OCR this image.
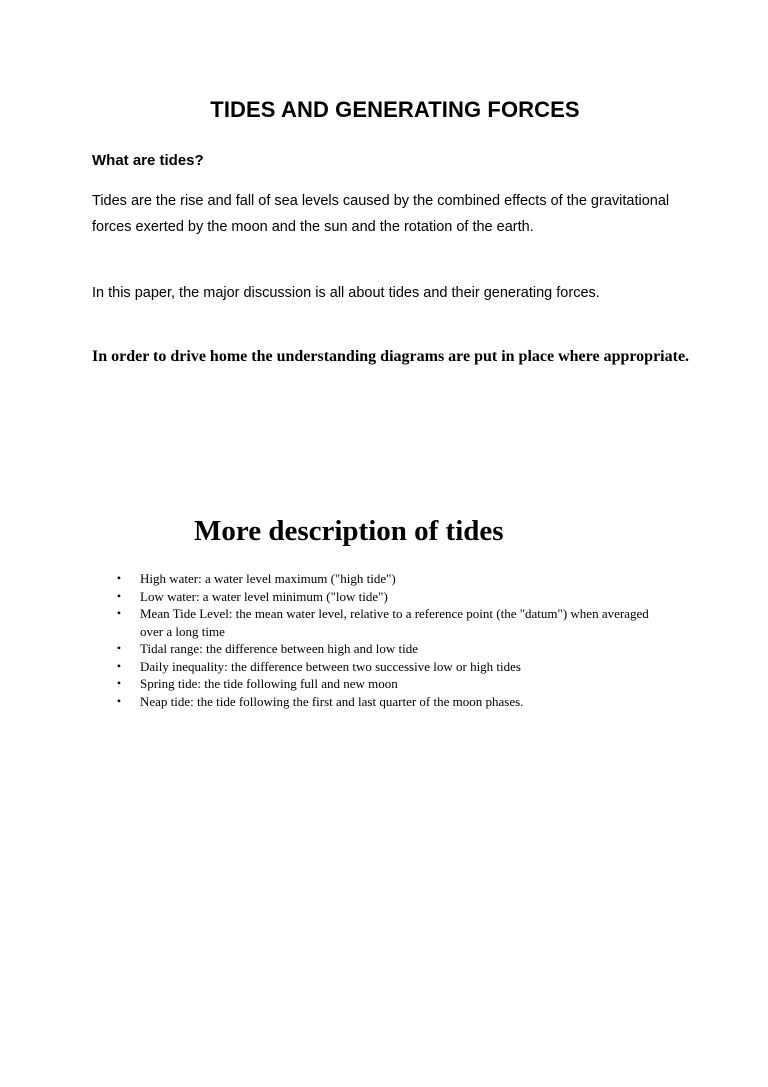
TIDES AND GENERATING FORCES
What are tides?

Tides are the rise and fall of sea levels caused by the combined effects of the gravitational forces exerted by the moon and the sun and the rotation of the earth.

In this paper, the major discussion is all about tides and their generating forces.

In order to drive home the understanding diagrams are put in place where appropriate.

More description of tides
• High water: a water level maximum ("high tide")
• Low water: a water level minimum ("low tide")
• Mean Tide Level: the mean water level, relative to a reference point (the "datum") when averaged over a long time
• Tidal range: the difference between high and low tide
• Daily inequality: the difference between two successive low or high tides
• Spring tide: the tide following full and new moon
• Neap tide: the tide following the first and last quarter of the moon phases.
